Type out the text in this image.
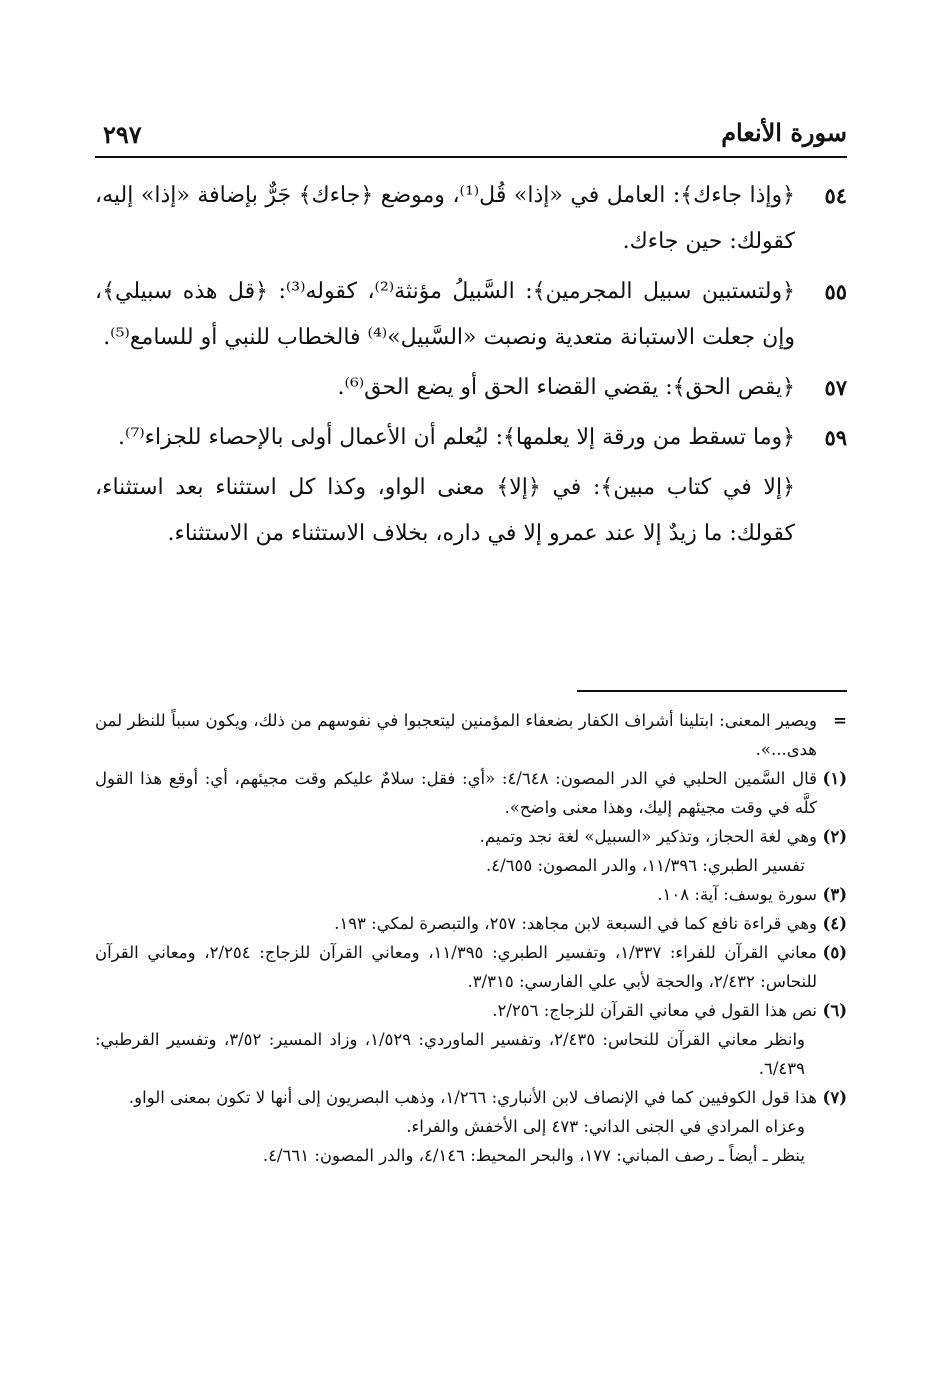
سورة الأنعام
٢٩٧
٥٤
﴿وإذا جاءك﴾: العامل في «إذا» قُل⁽¹⁾، وموضع ﴿جاءك﴾ جَرٌّ بإضافة «إذا» إليه، كقولك: حين جاءك.
٥٥
﴿ولتستبين سبيل المجرمين﴾: السَّبيلُ مؤنثة⁽²⁾، كقوله⁽³⁾: ﴿قل هذه سبيلي﴾، وإن جعلت الاستبانة متعدية ونصبت «السَّبيل»⁽⁴⁾ فالخطاب للنبي أو للسامع⁽⁵⁾.
٥٧
﴿يقص الحق﴾: يقضي القضاء الحق أو يضع الحق⁽⁶⁾.
٥٩
﴿وما تسقط من ورقة إلا يعلمها﴾: ليُعلم أن الأعمال أولى بالإحصاء للجزاء⁽⁷⁾.
﴿إلا في كتاب مبين﴾: في ﴿إلا﴾ معنى الواو، وكذا كل استثناء بعد استثناء، كقولك: ما زيدٌ إلا عند عمرو إلا في داره، بخلاف الاستثناء من الاستثناء.
=
ويصير المعنى: ابتلينا أشراف الكفار بضعفاء المؤمنين ليتعجبوا في نفوسهم من ذلك، ويكون سبباً للنظر لمن هدى...».
(١)
قال السَّمين الحلبي في الدر المصون: ٤/٦٤٨: «أي: فقل: سلامٌ عليكم وقت مجيئهم، أي: أوقع هذا القول كلَّه في وقت مجيئهم إليك، وهذا معنى واضح».
(٢)
وهي لغة الحجاز، وتذكير «السبيل» لغة نجد وتميم.
تفسير الطبري: ١١/٣٩٦، والدر المصون: ٤/٦٥٥.
(٣)
سورة يوسف: آية: ١٠٨.
(٤)
وهي قراءة نافع كما في السبعة لابن مجاهد: ٢٥٧، والتبصرة لمكي: ١٩٣.
(٥)
معاني القرآن للفراء: ١/٣٣٧، وتفسير الطبري: ١١/٣٩٥، ومعاني القرآن للزجاج: ٢/٢٥٤، ومعاني القرآن للنحاس: ٢/٤٣٢، والحجة لأبي علي الفارسي: ٣/٣١٥.
(٦)
نص هذا القول في معاني القرآن للزجاج: ٢/٢٥٦.
وانظر معاني القرآن للنحاس: ٢/٤٣٥، وتفسير الماوردي: ١/٥٢٩، وزاد المسير: ٣/٥٢، وتفسير القرطبي: ٦/٤٣٩.
(٧)
هذا قول الكوفيين كما في الإنصاف لابن الأنباري: ١/٢٦٦، وذهب البصريون إلى أنها لا تكون بمعنى الواو.
وعزاه المرادي في الجنى الداني: ٤٧٣ إلى الأخفش والفراء.
ينظر ـ أيضاً ـ رصف المباني: ١٧٧، والبحر المحيط: ٤/١٤٦، والدر المصون: ٤/٦٦١.
